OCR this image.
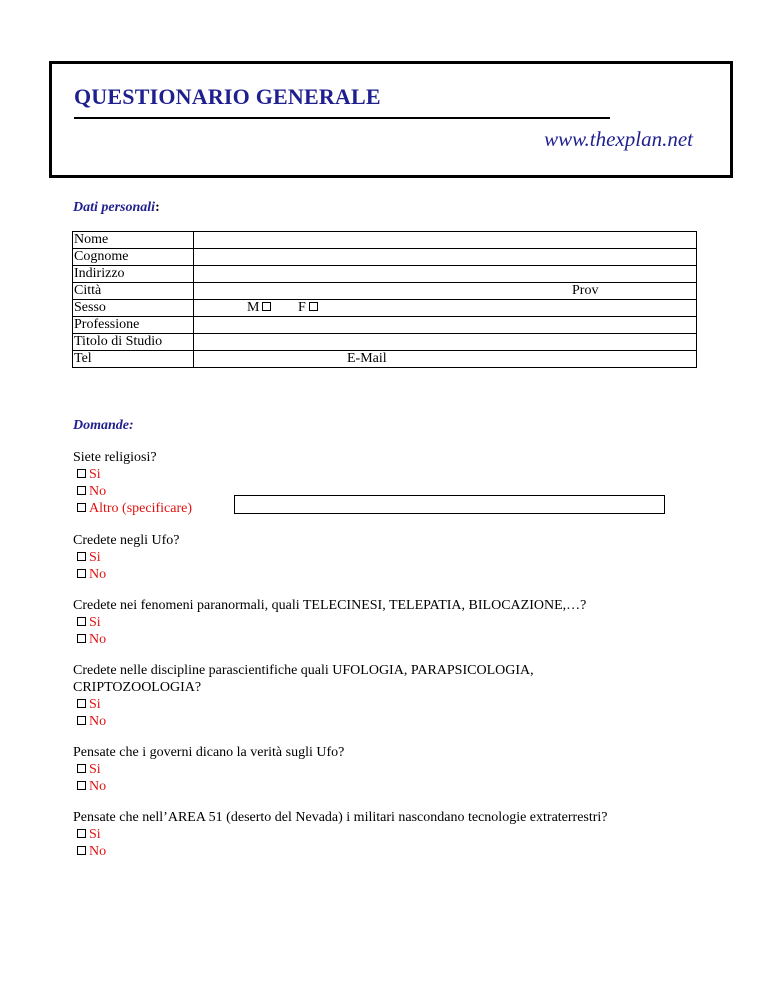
QUESTIONARIO GENERALE
www.thexplan.net
Dati personali:
Nome	
Cognome	
Indirizzo	
Città	Prov

Sesso	M F

Professione	
Titolo di Studio	
Tel	E-Mail
Domande:
Siete religiosi?
Si
No
Altro (specificare)
Credete negli Ufo?
Si
No
Credete nei fenomeni paranormali, quali TELECINESI, TELEPATIA, BILOCAZIONE,…?
Si
No
Credete nelle discipline parascientifiche quali UFOLOGIA, PARAPSICOLOGIA, CRIPTOZOOLOGIA?
Si
No
Pensate che i governi dicano la verità sugli Ufo?
Si
No
Pensate che nell’AREA 51 (deserto del Nevada) i militari nascondano tecnologie extraterrestri?
Si
No
